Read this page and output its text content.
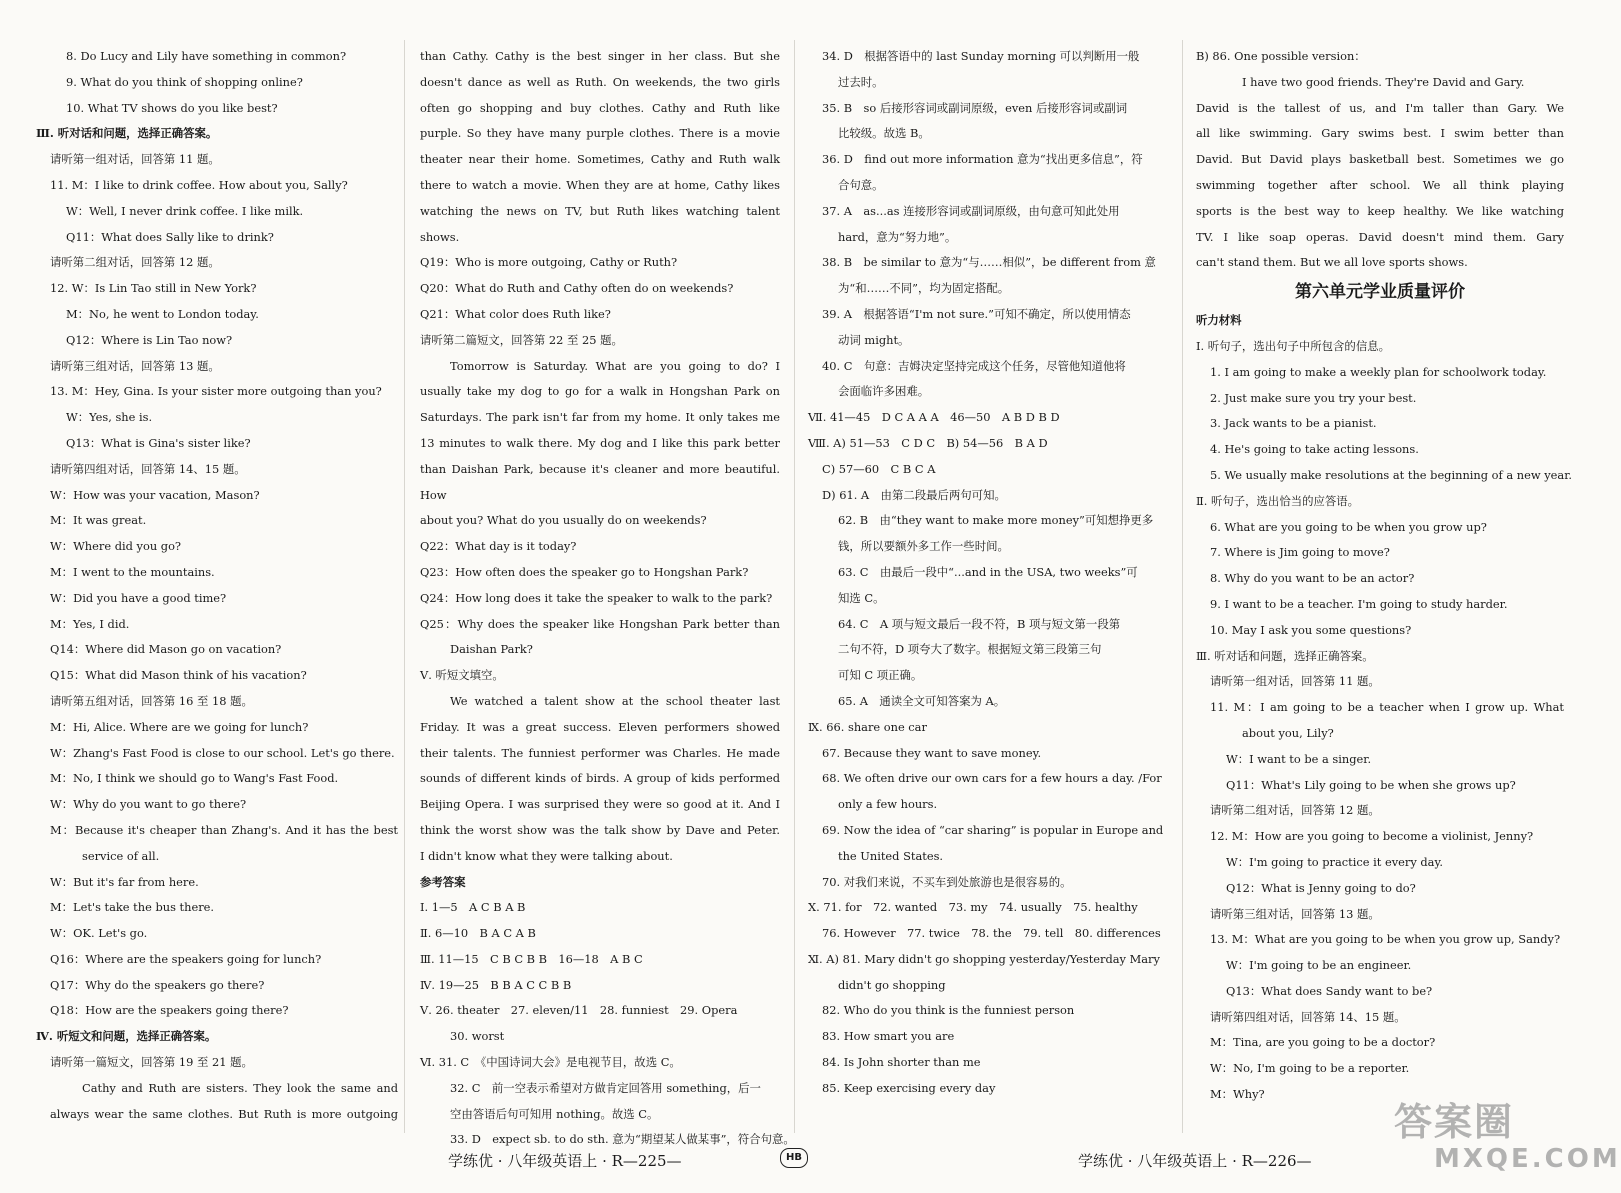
8. Do Lucy and Lily have something in common?
9. What do you think of shopping online?
10. What TV shows do you like best?
Ⅲ. 听对话和问题，选择正确答案。
请听第一组对话，回答第 11 题。
11. M：I like to drink coffee. How about you, Sally?
W：Well, I never drink coffee. I like milk.
Q11：What does Sally like to drink?
请听第二组对话，回答第 12 题。
12. W：Is Lin Tao still in New York?
M：No, he went to London today.
Q12：Where is Lin Tao now?
请听第三组对话，回答第 13 题。
13. M：Hey, Gina. Is your sister more outgoing than you?
W：Yes, she is.
Q13：What is Gina's sister like?
请听第四组对话，回答第 14、15 题。
W：How was your vacation, Mason?
M：It was great.
W：Where did you go?
M：I went to the mountains.
W：Did you have a good time?
M：Yes, I did.
Q14：Where did Mason go on vacation?
Q15：What did Mason think of his vacation?
请听第五组对话，回答第 16 至 18 题。
M：Hi, Alice. Where are we going for lunch?
W：Zhang's Fast Food is close to our school. Let's go there.
M：No, I think we should go to Wang's Fast Food.
W：Why do you want to go there?
M：Because it's cheaper than Zhang's. And it has the best
service of all.
W：But it's far from here.
M：Let's take the bus there.
W：OK. Let's go.
Q16：Where are the speakers going for lunch?
Q17：Why do the speakers go there?
Q18：How are the speakers going there?
Ⅳ. 听短文和问题，选择正确答案。
请听第一篇短文，回答第 19 至 21 题。
Cathy and Ruth are sisters. They look the same and
always wear the same clothes. But Ruth is more outgoing
than Cathy. Cathy is the best singer in her class. But she
doesn't dance as well as Ruth. On weekends, the two girls
often go shopping and buy clothes. Cathy and Ruth like
purple. So they have many purple clothes. There is a movie
theater near their home. Sometimes, Cathy and Ruth walk
there to watch a movie. When they are at home, Cathy likes
watching the news on TV, but Ruth likes watching talent
shows.
Q19：Who is more outgoing, Cathy or Ruth?
Q20：What do Ruth and Cathy often do on weekends?
Q21：What color does Ruth like?
请听第二篇短文，回答第 22 至 25 题。
Tomorrow is Saturday. What are you going to do? I
usually take my dog to go for a walk in Hongshan Park on
Saturdays. The park isn't far from my home. It only takes me
13 minutes to walk there. My dog and I like this park better
than Daishan Park, because it's cleaner and more beautiful. How
about you? What do you usually do on weekends?
Q22：What day is it today?
Q23：How often does the speaker go to Hongshan Park?
Q24：How long does it take the speaker to walk to the park?
Q25：Why does the speaker like Hongshan Park better than
Daishan Park?
Ⅴ. 听短文填空。
We watched a talent show at the school theater last
Friday. It was a great success. Eleven performers showed
their talents. The funniest performer was Charles. He made
sounds of different kinds of birds. A group of kids performed
Beijing Opera. I was surprised they were so good at it. And I
think the worst show was the talk show by Dave and Peter.
I didn't know what they were talking about.
参考答案
Ⅰ. 1—5　A C B A B
Ⅱ. 6—10　B A C A B
Ⅲ. 11—15　C B C B B　16—18　A B C
Ⅳ. 19—25　B B A C C B B
Ⅴ. 26. theater　27. eleven/11　28. funniest　29. Opera
30. worst
Ⅵ. 31. C　《中国诗词大会》是电视节目，故选 C。
32. C　前一空表示希望对方做肯定回答用 something，后一
空由答语后句可知用 nothing。故选 C。
33. D　expect sb. to do sth. 意为“期望某人做某事”，符合句意。
34. D　根据答语中的 last Sunday morning 可以判断用一般
过去时。
35. B　so 后接形容词或副词原级，even 后接形容词或副词
比较级。故选 B。
36. D　find out more information 意为“找出更多信息”，符
合句意。
37. A　as...as 连接形容词或副词原级，由句意可知此处用
hard，意为“努力地”。
38. B　be similar to 意为“与……相似”，be different from 意
为“和……不同”，均为固定搭配。
39. A　根据答语“I'm not sure.”可知不确定，所以使用情态
动词 might。
40. C　句意：吉姆决定坚持完成这个任务，尽管他知道他将
会面临许多困难。
Ⅶ. 41—45　D C A A A　46—50　A B D B D
Ⅷ. A) 51—53　C D C　B) 54—56　B A D
C) 57—60　C B C A
D) 61. A　由第二段最后两句可知。
62. B　由“they want to make more money”可知想挣更多
钱，所以要额外多工作一些时间。
63. C　由最后一段中“...and in the USA, two weeks”可
知选 C。
64. C　A 项与短文最后一段不符，B 项与短文第一段第
二句不符，D 项夸大了数字。根据短文第三段第三句
可知 C 项正确。
65. A　通读全文可知答案为 A。
Ⅸ. 66. share one car
67. Because they want to save money.
68. We often drive our own cars for a few hours a day. /For
only a few hours.
69. Now the idea of “car sharing” is popular in Europe and
the United States.
70. 对我们来说，不买车到处旅游也是很容易的。
Ⅹ. 71. for　72. wanted　73. my　74. usually　75. healthy
76. However　77. twice　78. the　79. tell　80. differences
Ⅺ. A) 81. Mary didn't go shopping yesterday/Yesterday Mary
didn't go shopping
82. Who do you think is the funniest person
83. How smart you are
84. Is John shorter than me
85. Keep exercising every day
B) 86. One possible version：
I have two good friends. They're David and Gary.
David is the tallest of us, and I'm taller than Gary. We
all like swimming. Gary swims best. I swim better than
David. But David plays basketball best. Sometimes we go
swimming together after school. We all think playing
sports is the best way to keep healthy. We like watching
TV. I like soap operas. David doesn't mind them. Gary
can't stand them. But we all love sports shows.
第六单元学业质量评价
听力材料
Ⅰ. 听句子，选出句子中所包含的信息。
1. I am going to make a weekly plan for schoolwork today.
2. Just make sure you try your best.
3. Jack wants to be a pianist.
4. He's going to take acting lessons.
5. We usually make resolutions at the beginning of a new year.
Ⅱ. 听句子，选出恰当的应答语。
6. What are you going to be when you grow up?
7. Where is Jim going to move?
8. Why do you want to be an actor?
9. I want to be a teacher. I'm going to study harder.
10. May I ask you some questions?
Ⅲ. 听对话和问题，选择正确答案。
请听第一组对话，回答第 11 题。
11. M：I am going to be a teacher when I grow up. What
about you, Lily?
W：I want to be a singer.
Q11：What's Lily going to be when she grows up?
请听第二组对话，回答第 12 题。
12. M：How are you going to become a violinist, Jenny?
W：I'm going to practice it every day.
Q12：What is Jenny going to do?
请听第三组对话，回答第 13 题。
13. M：What are you going to be when you grow up, Sandy?
W：I'm going to be an engineer.
Q13：What does Sandy want to be?
请听第四组对话，回答第 14、15 题。
M：Tina, are you going to be a doctor?
W：No, I'm going to be a reporter.
M：Why?
学练优 · 八年级英语上 · R—225—	HB	学练优 · 八年级英语上 · R—226—
答案圈
MXQE.COM
